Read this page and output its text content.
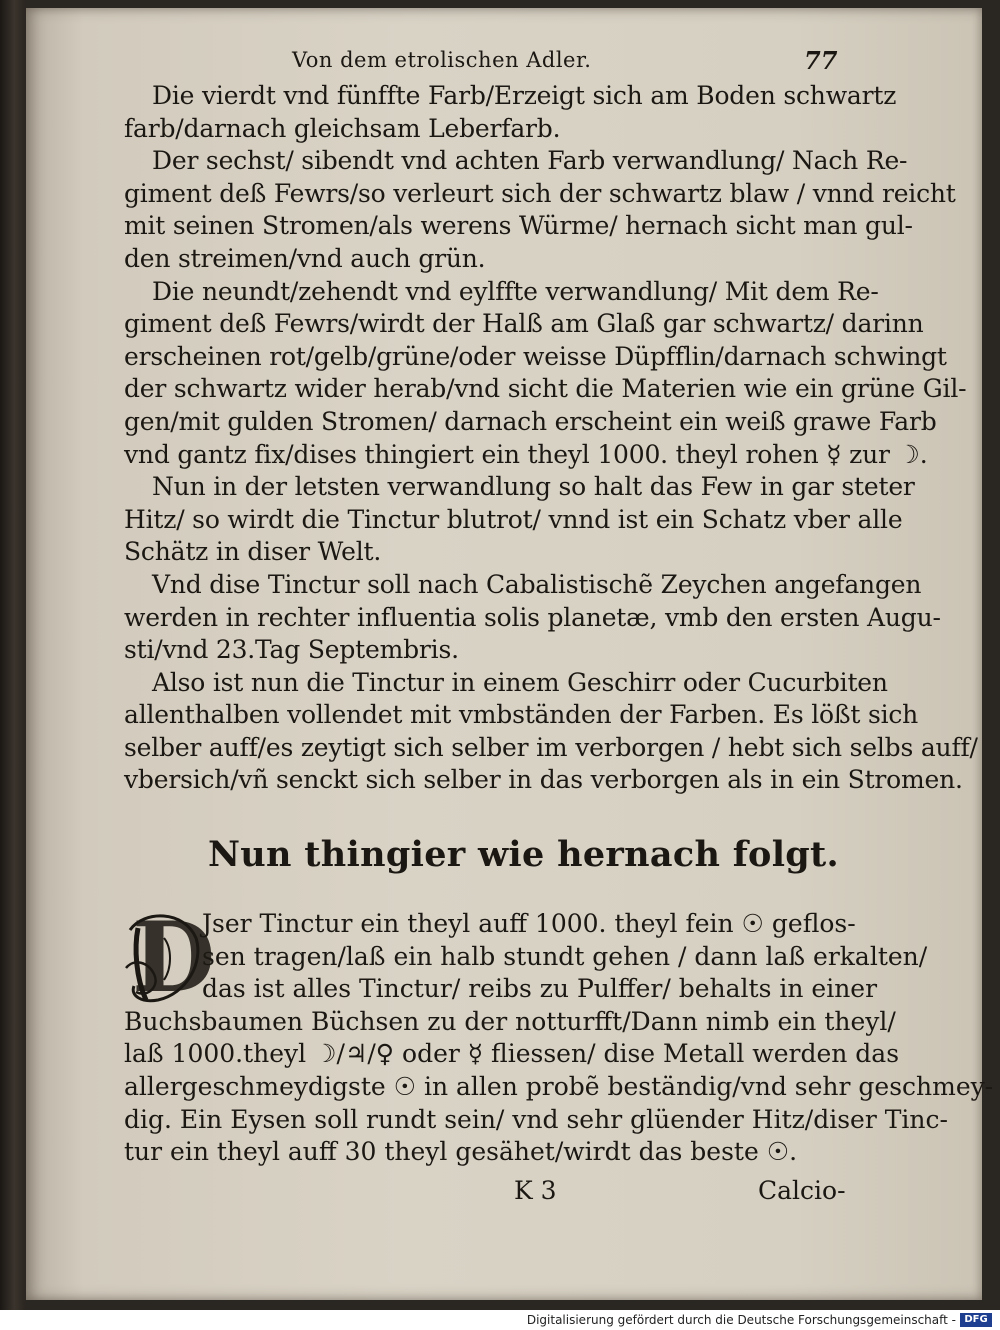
Von dem etrolischen Adler.	77

Die vierdt vnd fünffte Farb/Erzeigt sich am Boden schwartz
farb/darnach gleichsam Leberfarb.

Der sechst/ sibendt vnd achten Farb verwandlung/ Nach Re-
giment deß Fewrs/so verleurt sich der schwartz blaw / vnnd reicht
mit seinen Stromen/als werens Würme/ hernach sicht man gul-
den streimen/vnd auch grün.

Die neundt/zehendt vnd eylffte verwandlung/ Mit dem Re-
giment deß Fewrs/wirdt der Halß am Glaß gar schwartz/ darinn
erscheinen rot/gelb/grüne/oder weisse Düpfflin/darnach schwingt
der schwartz wider herab/vnd sicht die Materien wie ein grüne Gil-
gen/mit gulden Stromen/ darnach erscheint ein weiß grawe Farb
vnd gantz fix/dises thingiert ein theyl 1000. theyl rohen ☿ zur ☽.

Nun in der letsten verwandlung so halt das Few in gar steter
Hitz/ so wirdt die Tinctur blutrot/ vnnd ist ein Schatz vber alle
Schätz in diser Welt.

Vnd dise Tinctur soll nach Cabalistischẽ Zeychen angefangen
werden in rechter influentia solis planetæ, vmb den ersten Augu-
sti/vnd 23.Tag Septembris.

Also ist nun die Tinctur in einem Geschirr oder Cucurbiten
allenthalben vollendet mit vmbständen der Farben. Es lößt sich
selber auff/es zeytigt sich selber im verborgen / hebt sich selbs auff/
vbersich/vñ senckt sich selber in das verborgen als in ein Stromen.

Nun thingier wie hernach folgt.
D
Jser Tinctur ein theyl auff 1000. theyl fein ☉ geflos-
sen tragen/laß ein halb stundt gehen / dann laß erkalten/
das ist alles Tinctur/ reibs zu Pulffer/ behalts in einer
Buchsbaumen Büchsen zu der notturfft/Dann nimb ein theyl/
laß 1000.theyl ☽/♃/♀ oder ☿ fliessen/ dise Metall werden das
allergeschmeydigste ☉ in allen probẽ beständig/vnd sehr geschmey-
dig. Ein Eysen soll rundt sein/ vnd sehr glüender Hitz/diser Tinc-
tur ein theyl auff 30 theyl gesähet/wirdt das beste ☉.
K 3	Calcio-
Digitalisierung gefördert durch die Deutsche Forschungsgemeinschaft - DFG
